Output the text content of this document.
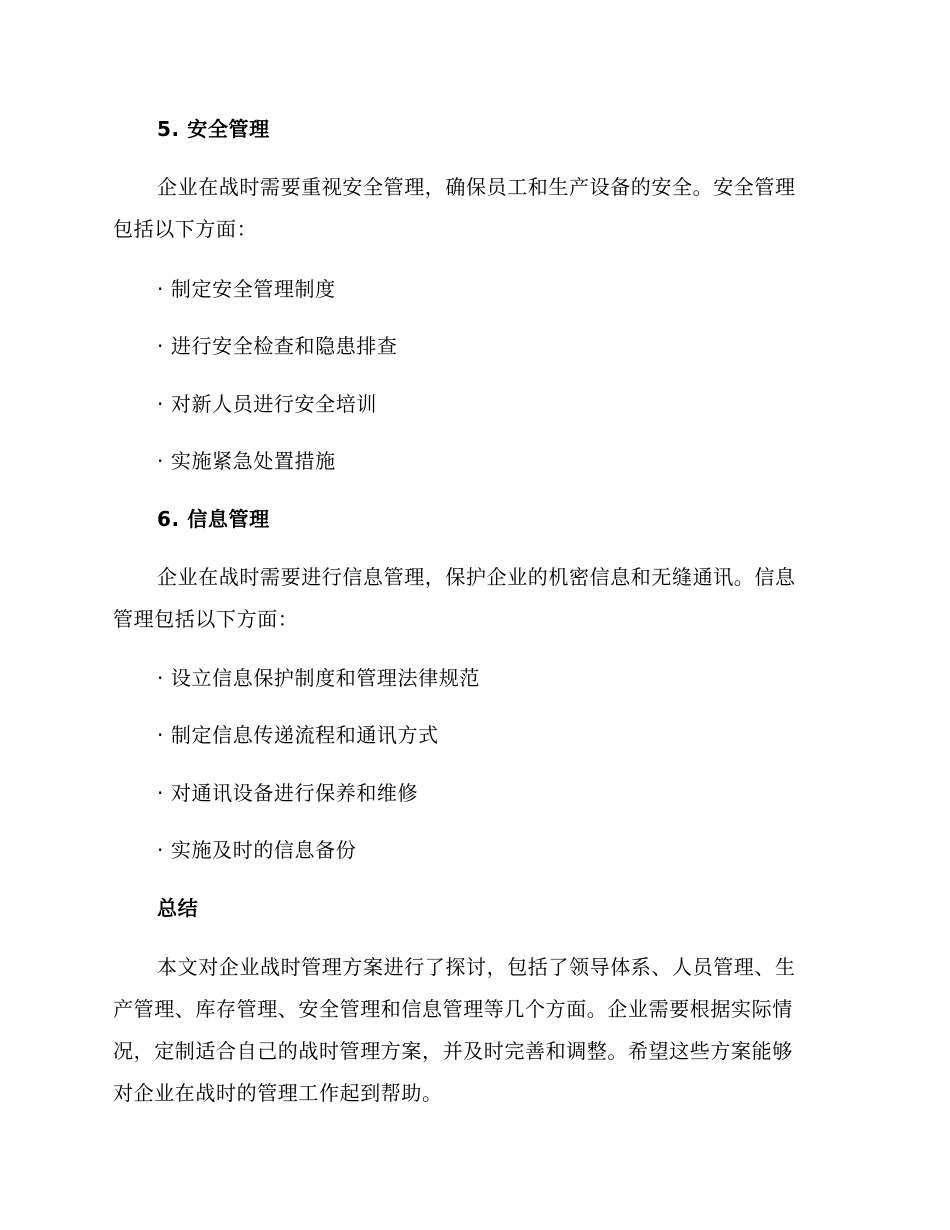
5. 安全管理
企业在战时需要重视安全管理，确保员工和生产设备的安全。安全管理
包括以下方面：
· 制定安全管理制度
· 进行安全检查和隐患排查
· 对新人员进行安全培训
· 实施紧急处置措施
6. 信息管理
企业在战时需要进行信息管理，保护企业的机密信息和无缝通讯。信息
管理包括以下方面：
· 设立信息保护制度和管理法律规范
· 制定信息传递流程和通讯方式
· 对通讯设备进行保养和维修
· 实施及时的信息备份
总结
本文对企业战时管理方案进行了探讨，包括了领导体系、人员管理、生
产管理、库存管理、安全管理和信息管理等几个方面。企业需要根据实际情
况，定制适合自己的战时管理方案，并及时完善和调整。希望这些方案能够
对企业在战时的管理工作起到帮助。
